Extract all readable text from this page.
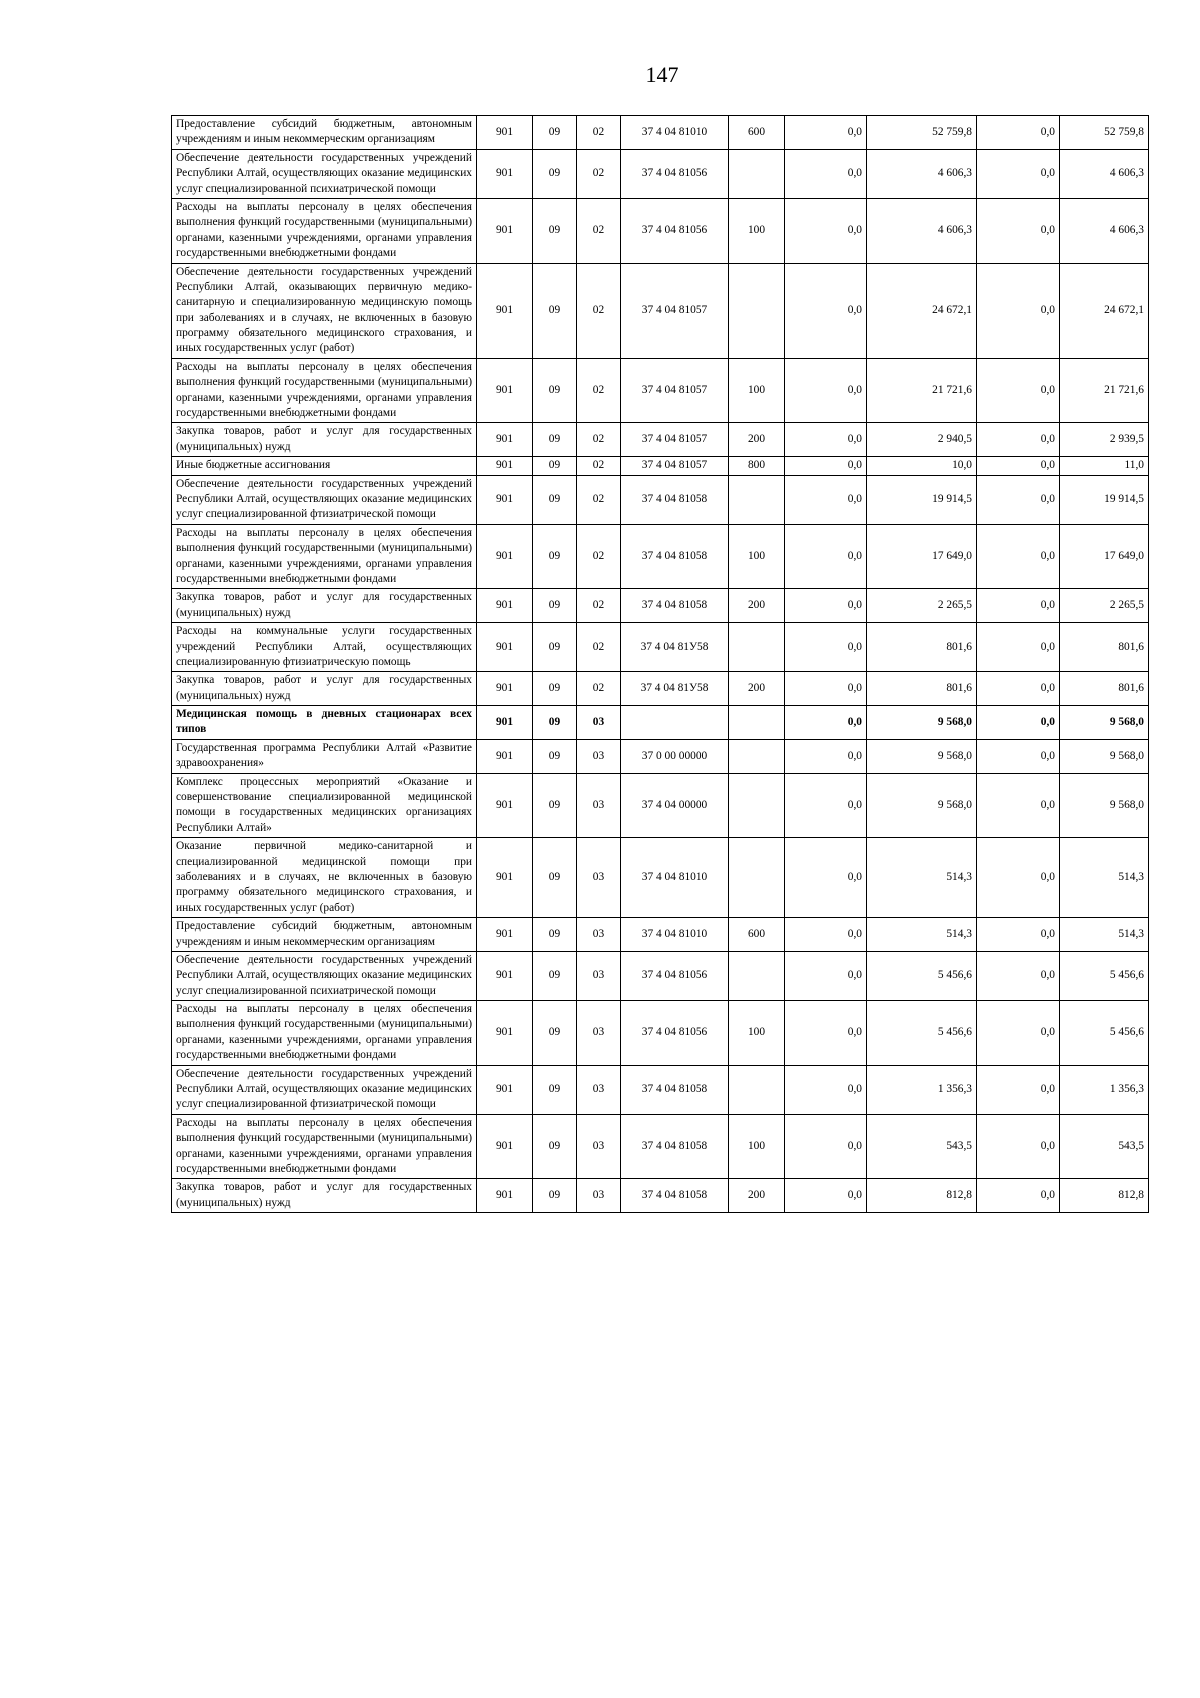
147
Предоставление субсидий бюджетным, автономным учреждениям и иным некоммерческим организациям	901	09	02	37 4 04 81010	600	0,0	52 759,8	0,0	52 759,8
Обеспечение деятельности государственных учреждений Республики Алтай, осуществляющих оказание медицинских услуг специализированной психиатрической помощи	901	09	02	37 4 04 81056		0,0	4 606,3	0,0	4 606,3
Расходы на выплаты персоналу в целях обеспечения выполнения функций государственными (муниципальными) органами, казенными учреждениями, органами управления государственными внебюджетными фондами	901	09	02	37 4 04 81056	100	0,0	4 606,3	0,0	4 606,3
Обеспечение деятельности государственных учреждений Республики Алтай, оказывающих первичную медико-санитарную и специализированную медицинскую помощь при заболеваниях и в случаях, не включенных в базовую программу обязательного медицинского страхования, и иных государственных услуг (работ)	901	09	02	37 4 04 81057		0,0	24 672,1	0,0	24 672,1
Расходы на выплаты персоналу в целях обеспечения выполнения функций государственными (муниципальными) органами, казенными учреждениями, органами управления государственными внебюджетными фондами	901	09	02	37 4 04 81057	100	0,0	21 721,6	0,0	21 721,6
Закупка товаров, работ и услуг для государственных (муниципальных) нужд	901	09	02	37 4 04 81057	200	0,0	2 940,5	0,0	2 939,5
Иные бюджетные ассигнования	901	09	02	37 4 04 81057	800	0,0	10,0	0,0	11,0
Обеспечение деятельности государственных учреждений Республики Алтай, осуществляющих оказание медицинских услуг специализированной фтизиатрической помощи	901	09	02	37 4 04 81058		0,0	19 914,5	0,0	19 914,5
Расходы на выплаты персоналу в целях обеспечения выполнения функций государственными (муниципальными) органами, казенными учреждениями, органами управления государственными внебюджетными фондами	901	09	02	37 4 04 81058	100	0,0	17 649,0	0,0	17 649,0
Закупка товаров, работ и услуг для государственных (муниципальных) нужд	901	09	02	37 4 04 81058	200	0,0	2 265,5	0,0	2 265,5
Расходы на коммунальные услуги государственных учреждений Республики Алтай, осуществляющих специализированную фтизиатрическую помощь	901	09	02	37 4 04 81У58		0,0	801,6	0,0	801,6
Закупка товаров, работ и услуг для государственных (муниципальных) нужд	901	09	02	37 4 04 81У58	200	0,0	801,6	0,0	801,6
Медицинская помощь в дневных стационарах всех типов	901	09	03			0,0	9 568,0	0,0	9 568,0
Государственная программа Республики Алтай «Развитие здравоохранения»	901	09	03	37 0 00 00000		0,0	9 568,0	0,0	9 568,0
Комплекс процессных мероприятий «Оказание и совершенствование специализированной медицинской помощи в государственных медицинских организациях Республики Алтай»	901	09	03	37 4 04 00000		0,0	9 568,0	0,0	9 568,0
Оказание первичной медико-санитарной и специализированной медицинской помощи при заболеваниях и в случаях, не включенных в базовую программу обязательного медицинского страхования, и иных государственных услуг (работ)	901	09	03	37 4 04 81010		0,0	514,3	0,0	514,3
Предоставление субсидий бюджетным, автономным учреждениям и иным некоммерческим организациям	901	09	03	37 4 04 81010	600	0,0	514,3	0,0	514,3
Обеспечение деятельности государственных учреждений Республики Алтай, осуществляющих оказание медицинских услуг специализированной психиатрической помощи	901	09	03	37 4 04 81056		0,0	5 456,6	0,0	5 456,6
Расходы на выплаты персоналу в целях обеспечения выполнения функций государственными (муниципальными) органами, казенными учреждениями, органами управления государственными внебюджетными фондами	901	09	03	37 4 04 81056	100	0,0	5 456,6	0,0	5 456,6
Обеспечение деятельности государственных учреждений Республики Алтай, осуществляющих оказание медицинских услуг специализированной фтизиатрической помощи	901	09	03	37 4 04 81058		0,0	1 356,3	0,0	1 356,3
Расходы на выплаты персоналу в целях обеспечения выполнения функций государственными (муниципальными) органами, казенными учреждениями, органами управления государственными внебюджетными фондами	901	09	03	37 4 04 81058	100	0,0	543,5	0,0	543,5
Закупка товаров, работ и услуг для государственных (муниципальных) нужд	901	09	03	37 4 04 81058	200	0,0	812,8	0,0	812,8
